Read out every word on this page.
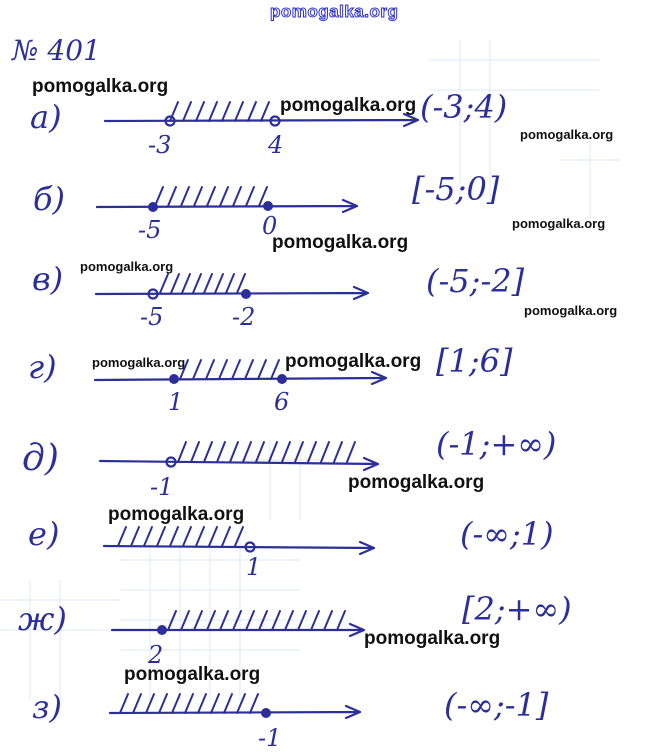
№ 401
а)
-3	4
(-3;4)
б)
-5	0
[-5;0]
в)
-5	-2
(-5;-2]
г)
1	6
[1;6]
д)
-1
(-1;+∞)
е)
1
(-∞;1)
ж)
2
[2;+∞)
з)
-1
(-∞;-1]
pomogalka.org
pomogalka.org
pomogalka.org
pomogalka.org
pomogalka.org
pomogalka.org
pomogalka.org
pomogalka.org
pomogalka.org	pomogalka.org
pomogalka.org
pomogalka.org
pomogalka.org
pomogalka.org
